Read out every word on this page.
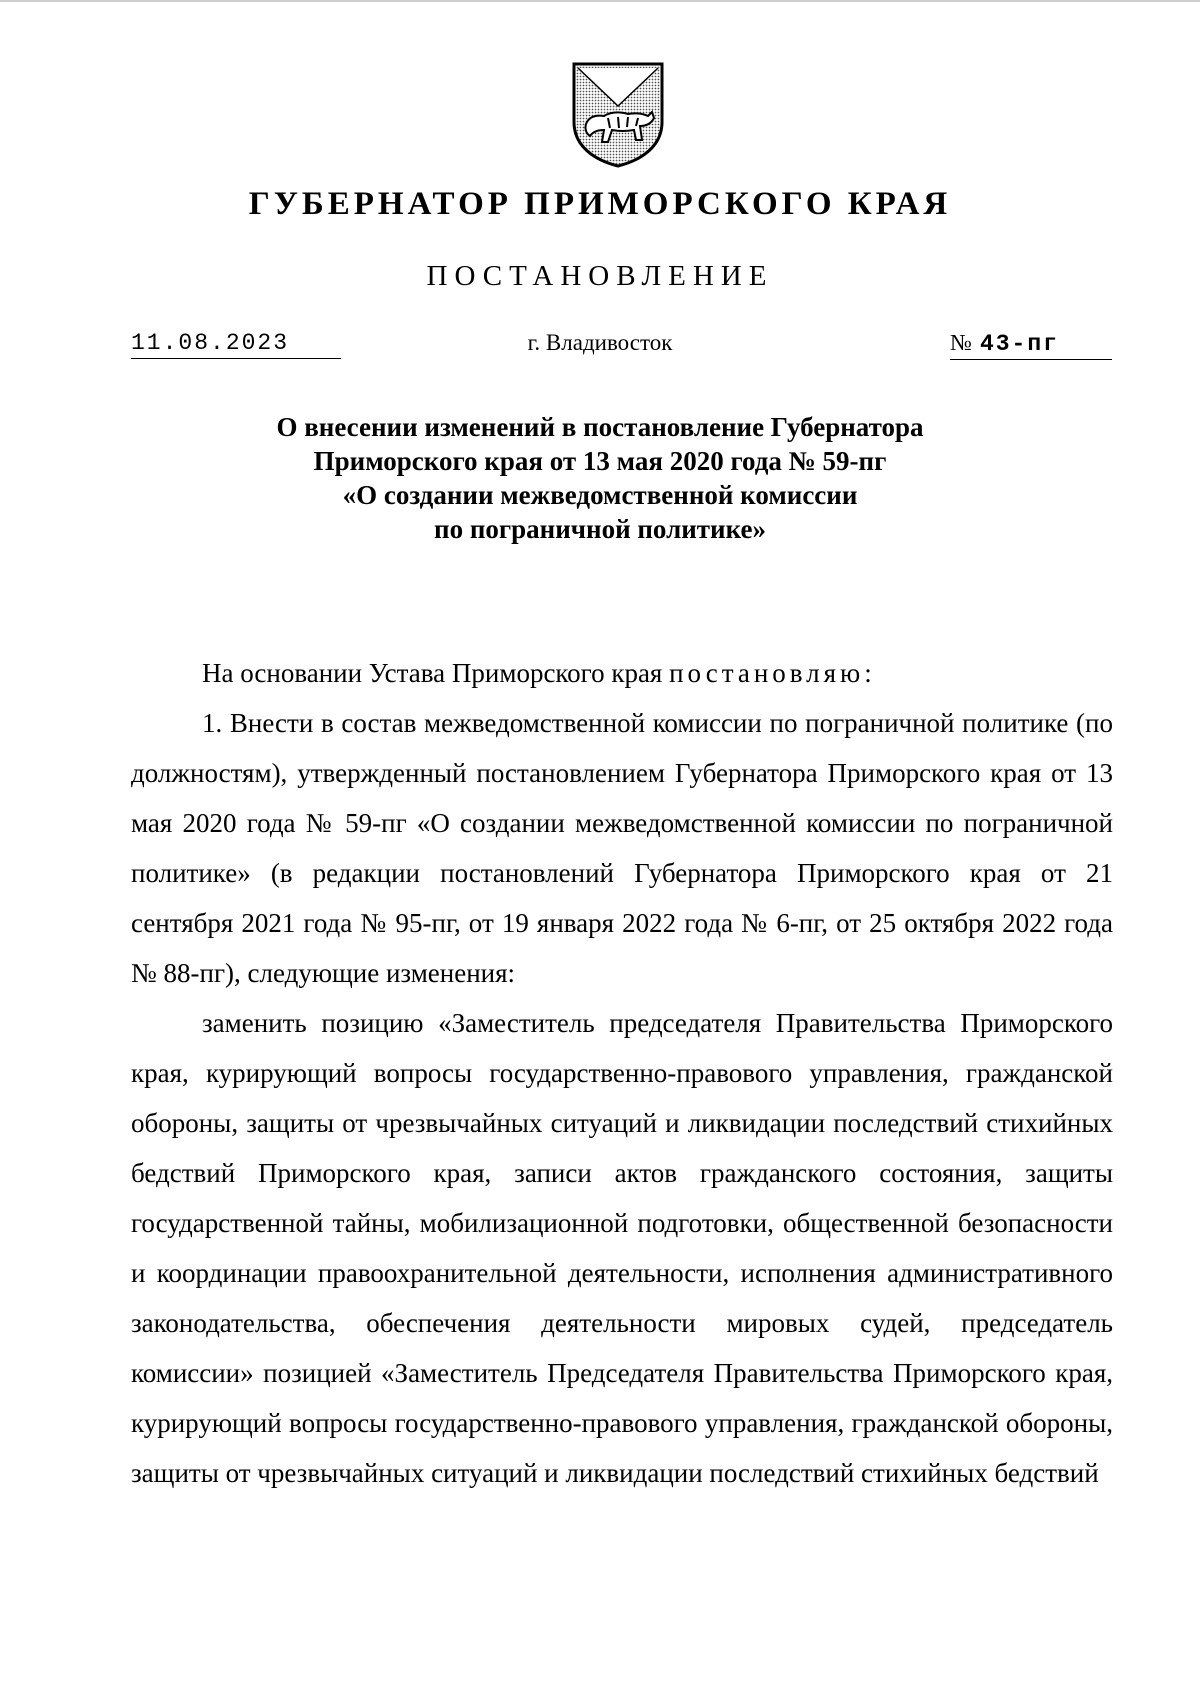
ГУБЕРНАТОР ПРИМОРСКОГО КРАЯ
ПОСТАНОВЛЕНИЕ
11.08.2023	г. Владивосток	№ 43-пг
О внесении изменений в постановление Губернатора
Приморского края от 13 мая 2020 года № 59-пг
«О создании межведомственной комиссии
по пограничной политике»

На основании Устава Приморского края постановляю:

1. Внести в состав межведомственной комиссии по пограничной политике (по должностям), утвержденный постановлением Губернатора Приморского края от 13 мая 2020 года № 59-пг «О создании межведомственной комиссии по пограничной политике» (в редакции постановлений Губернатора Приморского края от 21 сентября 2021 года № 95-пг, от 19 января 2022 года № 6-пг, от 25 октября 2022 года № 88-пг), следующие изменения:

заменить позицию «Заместитель председателя Правительства Приморского края, курирующий вопросы государственно-правового управления, гражданской обороны, защиты от чрезвычайных ситуаций и ликвидации последствий стихийных бедствий Приморского края, записи актов гражданского состояния, защиты государственной тайны, мобилизационной подготовки, общественной безопасности и координации правоохранительной деятельности, исполнения административного законодательства, обеспечения деятельности мировых судей, председатель комиссии» позицией «Заместитель Председателя Правительства Приморского края, курирующий вопросы государственно-правового управления, гражданской обороны, защиты от чрезвычайных ситуаций и ликвидации последствий стихийных бедствий
